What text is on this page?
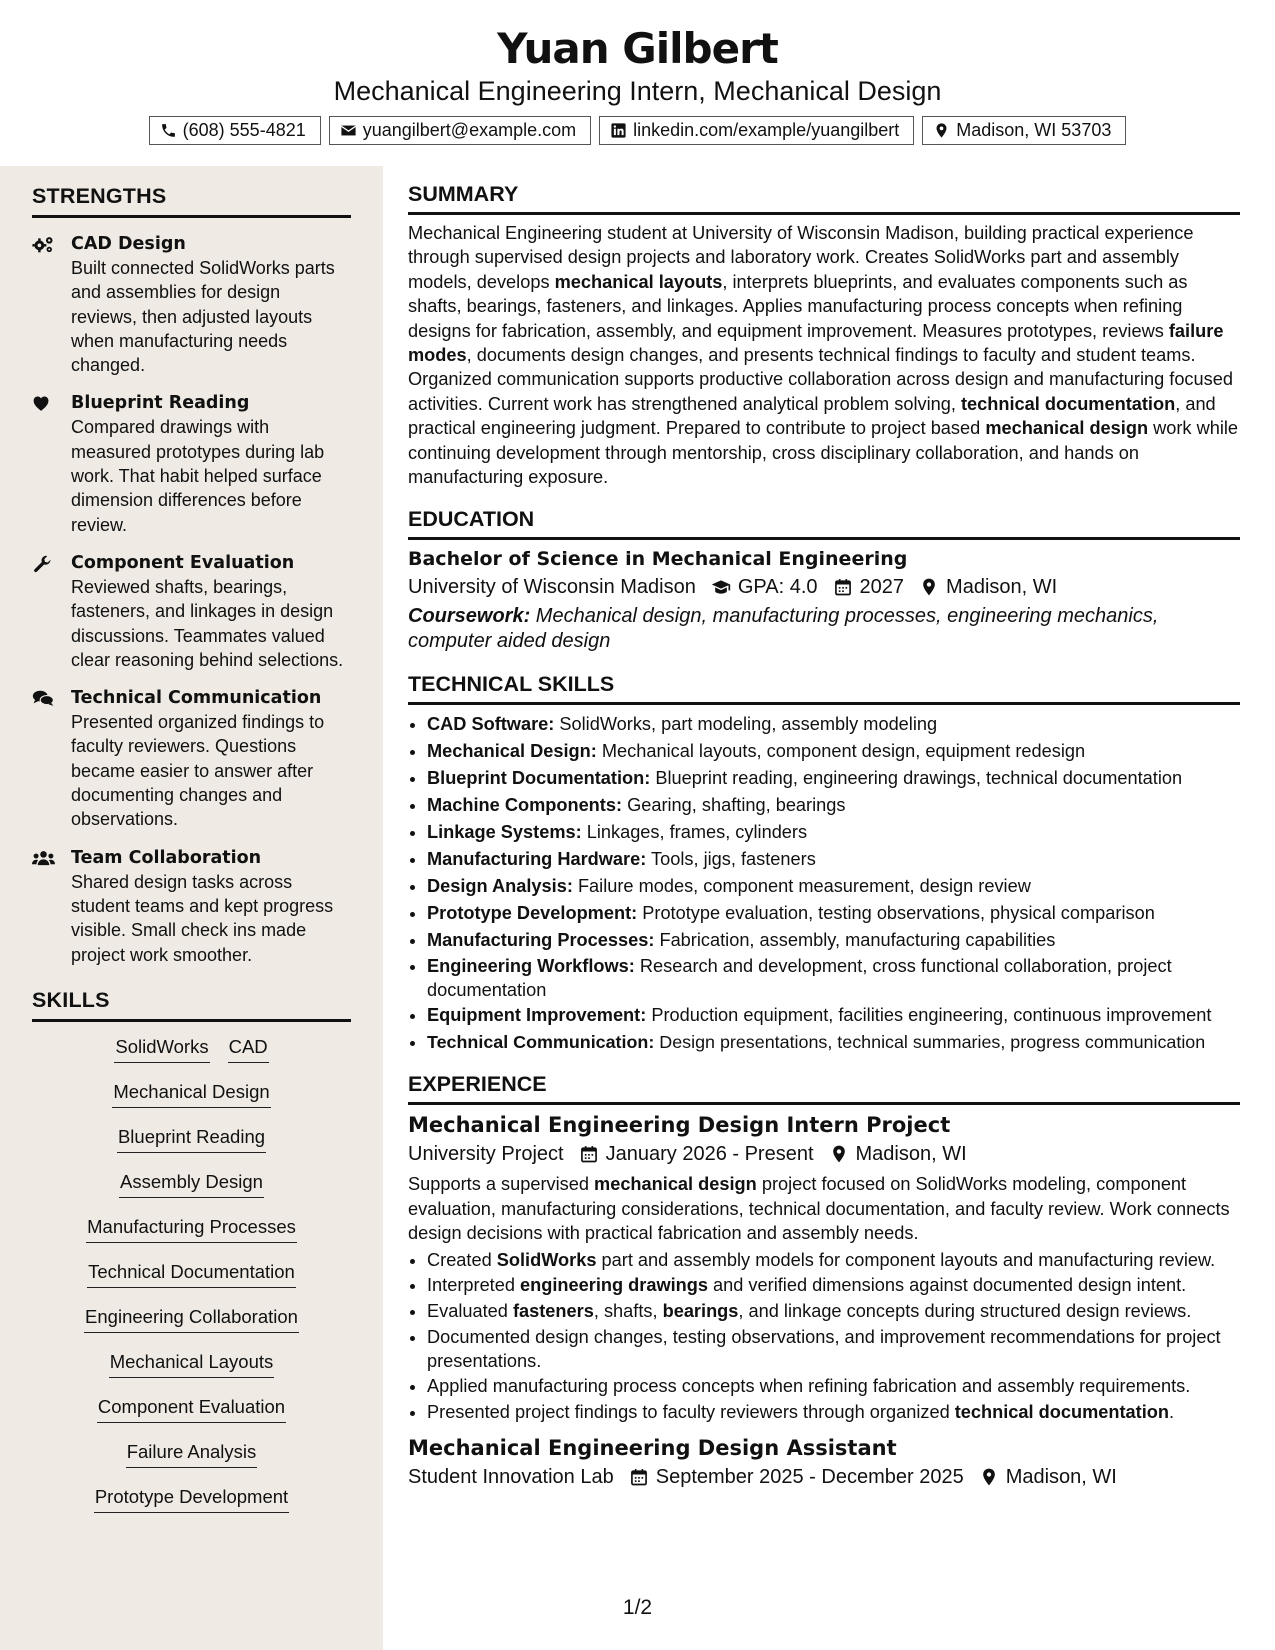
Yuan Gilbert
Mechanical Engineering Intern, Mechanical Design
(608) 555-4821	yuangilbert@example.com	linkedin.com/example/yuangilbert	Madison, WI 53703
STRENGTHS
CAD Design
Built connected SolidWorks parts and assemblies for design reviews, then adjusted layouts when manufacturing needs changed.
Blueprint Reading
Compared drawings with measured prototypes during lab work. That habit helped surface dimension differences before review.
Component Evaluation
Reviewed shafts, bearings, fasteners, and linkages in design discussions. Teammates valued clear reasoning behind selections.
Technical Communication
Presented organized findings to faculty reviewers. Questions became easier to answer after documenting changes and observations.
Team Collaboration
Shared design tasks across student teams and kept progress visible. Small check ins made project work smoother.
SKILLS
SolidWorks CAD
Mechanical Design
Blueprint Reading
Assembly Design
Manufacturing Processes
Technical Documentation
Engineering Collaboration
Mechanical Layouts
Component Evaluation
Failure Analysis
Prototype Development
SUMMARY
Mechanical Engineering student at University of Wisconsin Madison, building practical experience through supervised design projects and laboratory work. Creates SolidWorks part and assembly models, develops mechanical layouts, interprets blueprints, and evaluates components such as shafts, bearings, fasteners, and linkages. Applies manufacturing process concepts when refining designs for fabrication, assembly, and equipment improvement. Measures prototypes, reviews failure modes, documents design changes, and presents technical findings to faculty and student teams. Organized communication supports productive collaboration across design and manufacturing focused activities. Current work has strengthened analytical problem solving, technical documentation, and practical engineering judgment. Prepared to contribute to project based mechanical design work while continuing development through mentorship, cross disciplinary collaboration, and hands on manufacturing exposure.
EDUCATION
Bachelor of Science in Mechanical Engineering
University of Wisconsin Madison GPA: 4.0 2027 Madison, WI
Coursework: Mechanical design, manufacturing processes, engineering mechanics, computer aided design
TECHNICAL SKILLS
• CAD Software: SolidWorks, part modeling, assembly modeling
• Mechanical Design: Mechanical layouts, component design, equipment redesign
• Blueprint Documentation: Blueprint reading, engineering drawings, technical documentation
• Machine Components: Gearing, shafting, bearings
• Linkage Systems: Linkages, frames, cylinders
• Manufacturing Hardware: Tools, jigs, fasteners
• Design Analysis: Failure modes, component measurement, design review
• Prototype Development: Prototype evaluation, testing observations, physical comparison
• Manufacturing Processes: Fabrication, assembly, manufacturing capabilities
• Engineering Workflows: Research and development, cross functional collaboration, project documentation
• Equipment Improvement: Production equipment, facilities engineering, continuous improvement
• Technical Communication: Design presentations, technical summaries, progress communication
EXPERIENCE
Mechanical Engineering Design Intern Project
University Project January 2026 - Present Madison, WI
Supports a supervised mechanical design project focused on SolidWorks modeling, component evaluation, manufacturing considerations, technical documentation, and faculty review. Work connects design decisions with practical fabrication and assembly needs.
• Created SolidWorks part and assembly models for component layouts and manufacturing review.
• Interpreted engineering drawings and verified dimensions against documented design intent.
• Evaluated fasteners, shafts, bearings, and linkage concepts during structured design reviews.
• Documented design changes, testing observations, and improvement recommendations for project presentations.
• Applied manufacturing process concepts when refining fabrication and assembly requirements.
• Presented project findings to faculty reviewers through organized technical documentation.
Mechanical Engineering Design Assistant
Student Innovation Lab September 2025 - December 2025 Madison, WI
1/2
